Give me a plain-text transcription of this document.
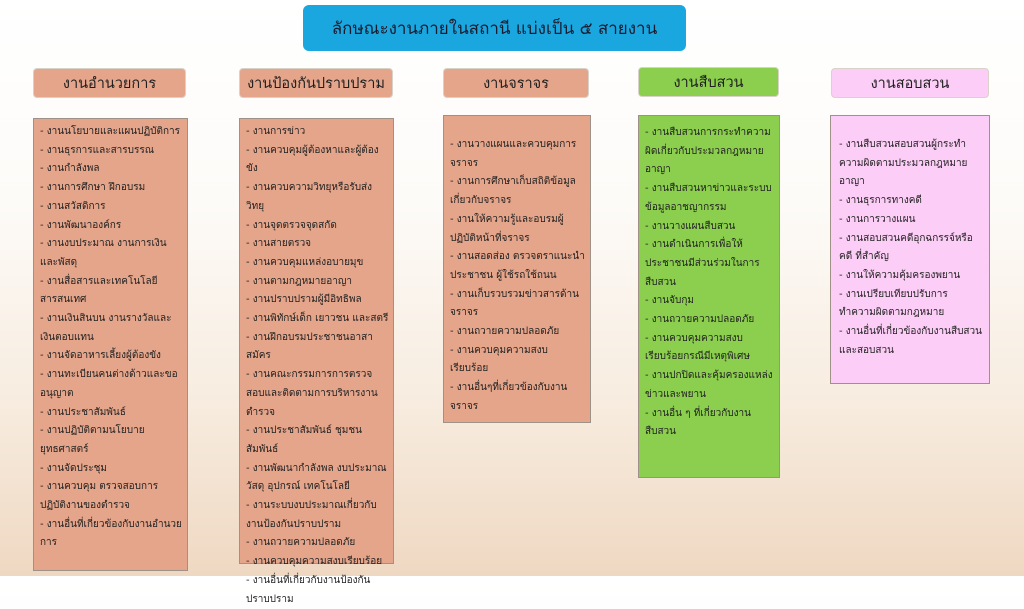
ลักษณะงานภายในสถานี แบ่งเป็น ๕ สายงาน
งานอำนวยการ
- งานนโยบายและแผนปฏิบัติการ
- งานธุรการและสารบรรณ
- งานกำลังพล
- งานการศึกษา ฝึกอบรม
- งานสวัสดิการ
- งานพัฒนาองค์กร
- งานงบประมาณ งานการเงินและพัสดุ
- งานสื่อสารและเทคโนโลยีสารสนเทศ
- งานเงินสินบน งานรางวัลและเงินตอบแทน
- งานจัดอาหารเลี้ยงผู้ต้องขัง
- งานทะเบียนคนต่างด้าวและขออนุญาต
- งานประชาสัมพันธ์
- งานปฏิบัติตามนโยบายยุทธศาสตร์
- งานจัดประชุม
- งานควบคุม ตรวจสอบการปฏิบัติงานของตำรวจ
- งานอื่นที่เกี่ยวข้องกับงานอำนวยการ
งานป้องกันปราบปราม
- งานการข่าว
- งานควบคุมผู้ต้องหาและผู้ต้องขัง
- งานควบความวิทยุหรือรับส่งวิทยุ
- งานจุดตรวจจุดสกัด
- งานสายตรวจ
- งานควบคุมแหล่งอบายมุข
- งานตามกฎหมายอาญา
- งานปราบปรามผู้มีอิทธิพล
- งานพิทักษ์เด็ก เยาวชน และสตรี
- งานฝึกอบรมประชาชนอาสาสมัคร
- งานคณะกรรมการการตรวจสอบและติดตามการบริหารงานตำรวจ
- งานประชาสัมพันธ์ ชุมชนสัมพันธ์
- งานพัฒนากำลังพล งบประมาณ วัสดุ อุปกรณ์ เทคโนโลยี
- งานระบบงบประมาณเกี่ยวกับงานป้องกันปราบปราม
- งานถวายความปลอดภัย
- งานควบคุมความสงบเรียบร้อย
- งานอื่นที่เกี่ยวกับงานป้องกันปราบปราม
งานจราจร
- งานวางแผนและควบคุมการจราจร
- งานการศึกษาเก็บสถิติข้อมูลเกี่ยวกับจราจร
- งานให้ความรู้และอบรมผู้ปฏิบัติหน้าที่จราจร
- งานสอดส่อง ตรวจตราแนะนำประชาชน ผู้ใช้รถใช้ถนน
- งานเก็บรวบรวมข่าวสารด้านจราจร
- งานถวายความปลอดภัย
- งานควบคุมความสงบเรียบร้อย
- งานอื่นๆที่เกี่ยวข้องกับงานจราจร
งานสืบสวน
- งานสืบสวนการกระทำความผิดเกี่ยวกับประมวลกฎหมายอาญา
- งานสืบสวนหาข่าวและระบบข้อมูลอาชญากรรม
- งานวางแผนสืบสวน
- งานดำเนินการเพื่อให้ประชาชนมีส่วนร่วมในการสืบสวน
- งานจับกุม
- งานถวายความปลอดภัย
- งานควบคุมความสงบเรียบร้อยกรณีมีเหตุพิเศษ
- งานปกปิดและคุ้มครองแหล่งข่าวและพยาน
- งานอื่น ๆ ที่เกี่ยวกับงานสืบสวน
งานสอบสวน
- งานสืบสวนสอบสวนผู้กระทำความผิดตามประมวลกฎหมายอาญา
- งานธุรการทางคดี
- งานการวางแผน
- งานสอบสวนคดีอุกฉกรรจ์หรือคดี ที่สำคัญ
- งานให้ความคุ้มครองพยาน
- งานเปรียบเทียบปรับการทำความผิดตามกฎหมาย
- งานอื่นที่เกี่ยวข้องกับงานสืบสวนและสอบสวน
